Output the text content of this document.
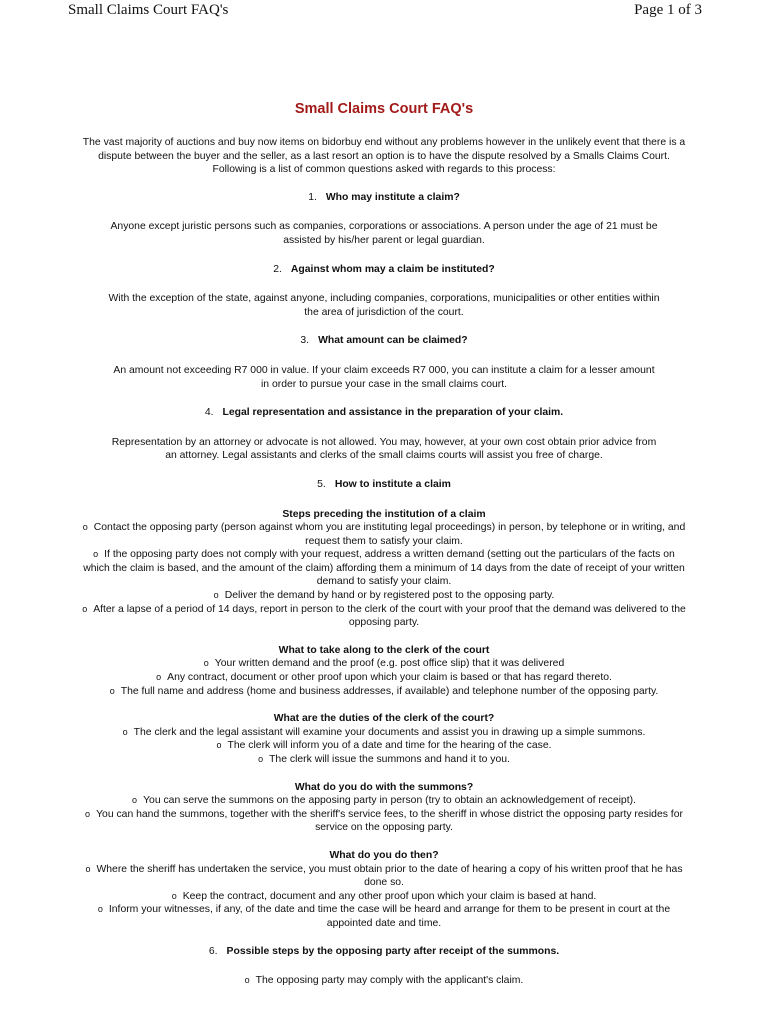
Small Claims Court FAQ's	Page 1 of 3
Small Claims Court FAQ's
The vast majority of auctions and buy now items on bidorbuy end without any problems however in the unlikely event that there is a dispute between the buyer and the seller, as a last resort an option is to have the dispute resolved by a Smalls Claims Court. Following is a list of common questions asked with regards to this process:
1. Who may institute a claim?
Anyone except juristic persons such as companies, corporations or associations. A person under the age of 21 must be assisted by his/her parent or legal guardian.
2. Against whom may a claim be instituted?
With the exception of the state, against anyone, including companies, corporations, municipalities or other entities within the area of jurisdiction of the court.
3. What amount can be claimed?
An amount not exceeding R7 000 in value. If your claim exceeds R7 000, you can institute a claim for a lesser amount in order to pursue your case in the small claims court.
4. Legal representation and assistance in the preparation of your claim.
Representation by an attorney or advocate is not allowed. You may, however, at your own cost obtain prior advice from an attorney. Legal assistants and clerks of the small claims courts will assist you free of charge.
5. How to institute a claim
Steps preceding the institution of a claim
o Contact the opposing party (person against whom you are instituting legal proceedings) in person, by telephone or in writing, and request them to satisfy your claim.
o If the opposing party does not comply with your request, address a written demand (setting out the particulars of the facts on which the claim is based, and the amount of the claim) affording them a minimum of 14 days from the date of receipt of your written demand to satisfy your claim.
o Deliver the demand by hand or by registered post to the opposing party.
o After a lapse of a period of 14 days, report in person to the clerk of the court with your proof that the demand was delivered to the opposing party.
What to take along to the clerk of the court
o Your written demand and the proof (e.g. post office slip) that it was delivered
o Any contract, document or other proof upon which your claim is based or that has regard thereto.
o The full name and address (home and business addresses, if available) and telephone number of the opposing party.
What are the duties of the clerk of the court?
o The clerk and the legal assistant will examine your documents and assist you in drawing up a simple summons.
o The clerk will inform you of a date and time for the hearing of the case.
o The clerk will issue the summons and hand it to you.
What do you do with the summons?
o You can serve the summons on the apposing party in person (try to obtain an acknowledgement of receipt).
o You can hand the summons, together with the sheriff's service fees, to the sheriff in whose district the opposing party resides for service on the opposing party.
What do you do then?
o Where the sheriff has undertaken the service, you must obtain prior to the date of hearing a copy of his written proof that he has done so.
o Keep the contract, document and any other proof upon which your claim is based at hand.
o Inform your witnesses, if any, of the date and time the case will be heard and arrange for them to be present in court at the appointed date and time.
6. Possible steps by the opposing party after receipt of the summons.
o The opposing party may comply with the applicant's claim.
